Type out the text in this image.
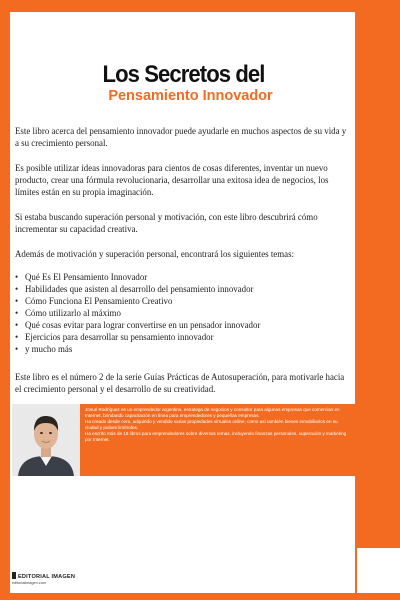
Los Secretos del
Pensamiento Innovador

Este libro acerca del pensamiento innovador puede ayudarle en muchos aspectos de su vida y a su crecimiento personal.

Es posible utilizar ideas innovadoras para cientos de cosas diferentes, inventar un nuevo producto, crear una fórmula revolucionaria, desarrollar una exitosa idea de negocios, los límites están en su propia imaginación.

Si estaba buscando superación personal y motivación, con este libro descubrirá cómo incrementar su capacidad creativa.

Además de motivación y superación personal, encontrará los siguientes temas:

• Qué Es El Pensamiento Innovador
• Habilidades que asisten al desarrollo del pensamiento innovador
• Cómo Funciona El Pensamiento Creativo
• Cómo utilizarlo al máximo
• Qué cosas evitar para lograr convertirse en un pensador innovador
• Ejercicios para desarrollar su pensamiento innovador
• y mucho más

Este libro es el número 2 de la serie Guías Prácticas de Autosuperación, para motivarle hacia el crecimiento personal y el desarrollo de su creatividad.

Josué Rodríguez es un emprendedor argentino, estratega de negocios y consultor para algunas empresas que comercian en Internet, brindando capacitación en línea para emprendedores y pequeñas empresas.

Ha creado desde cero, adquirido y vendido varias propiedades virtuales online, como así también bienes inmobiliarios en su ciudad y países limítrofes.

Ha escrito más de 15 libros para emprendedores sobre diversos temas, incluyendo finanzas personales, superación y marketing por Internet.

EDITORIAL IMAGEN
editorialimagen.com
